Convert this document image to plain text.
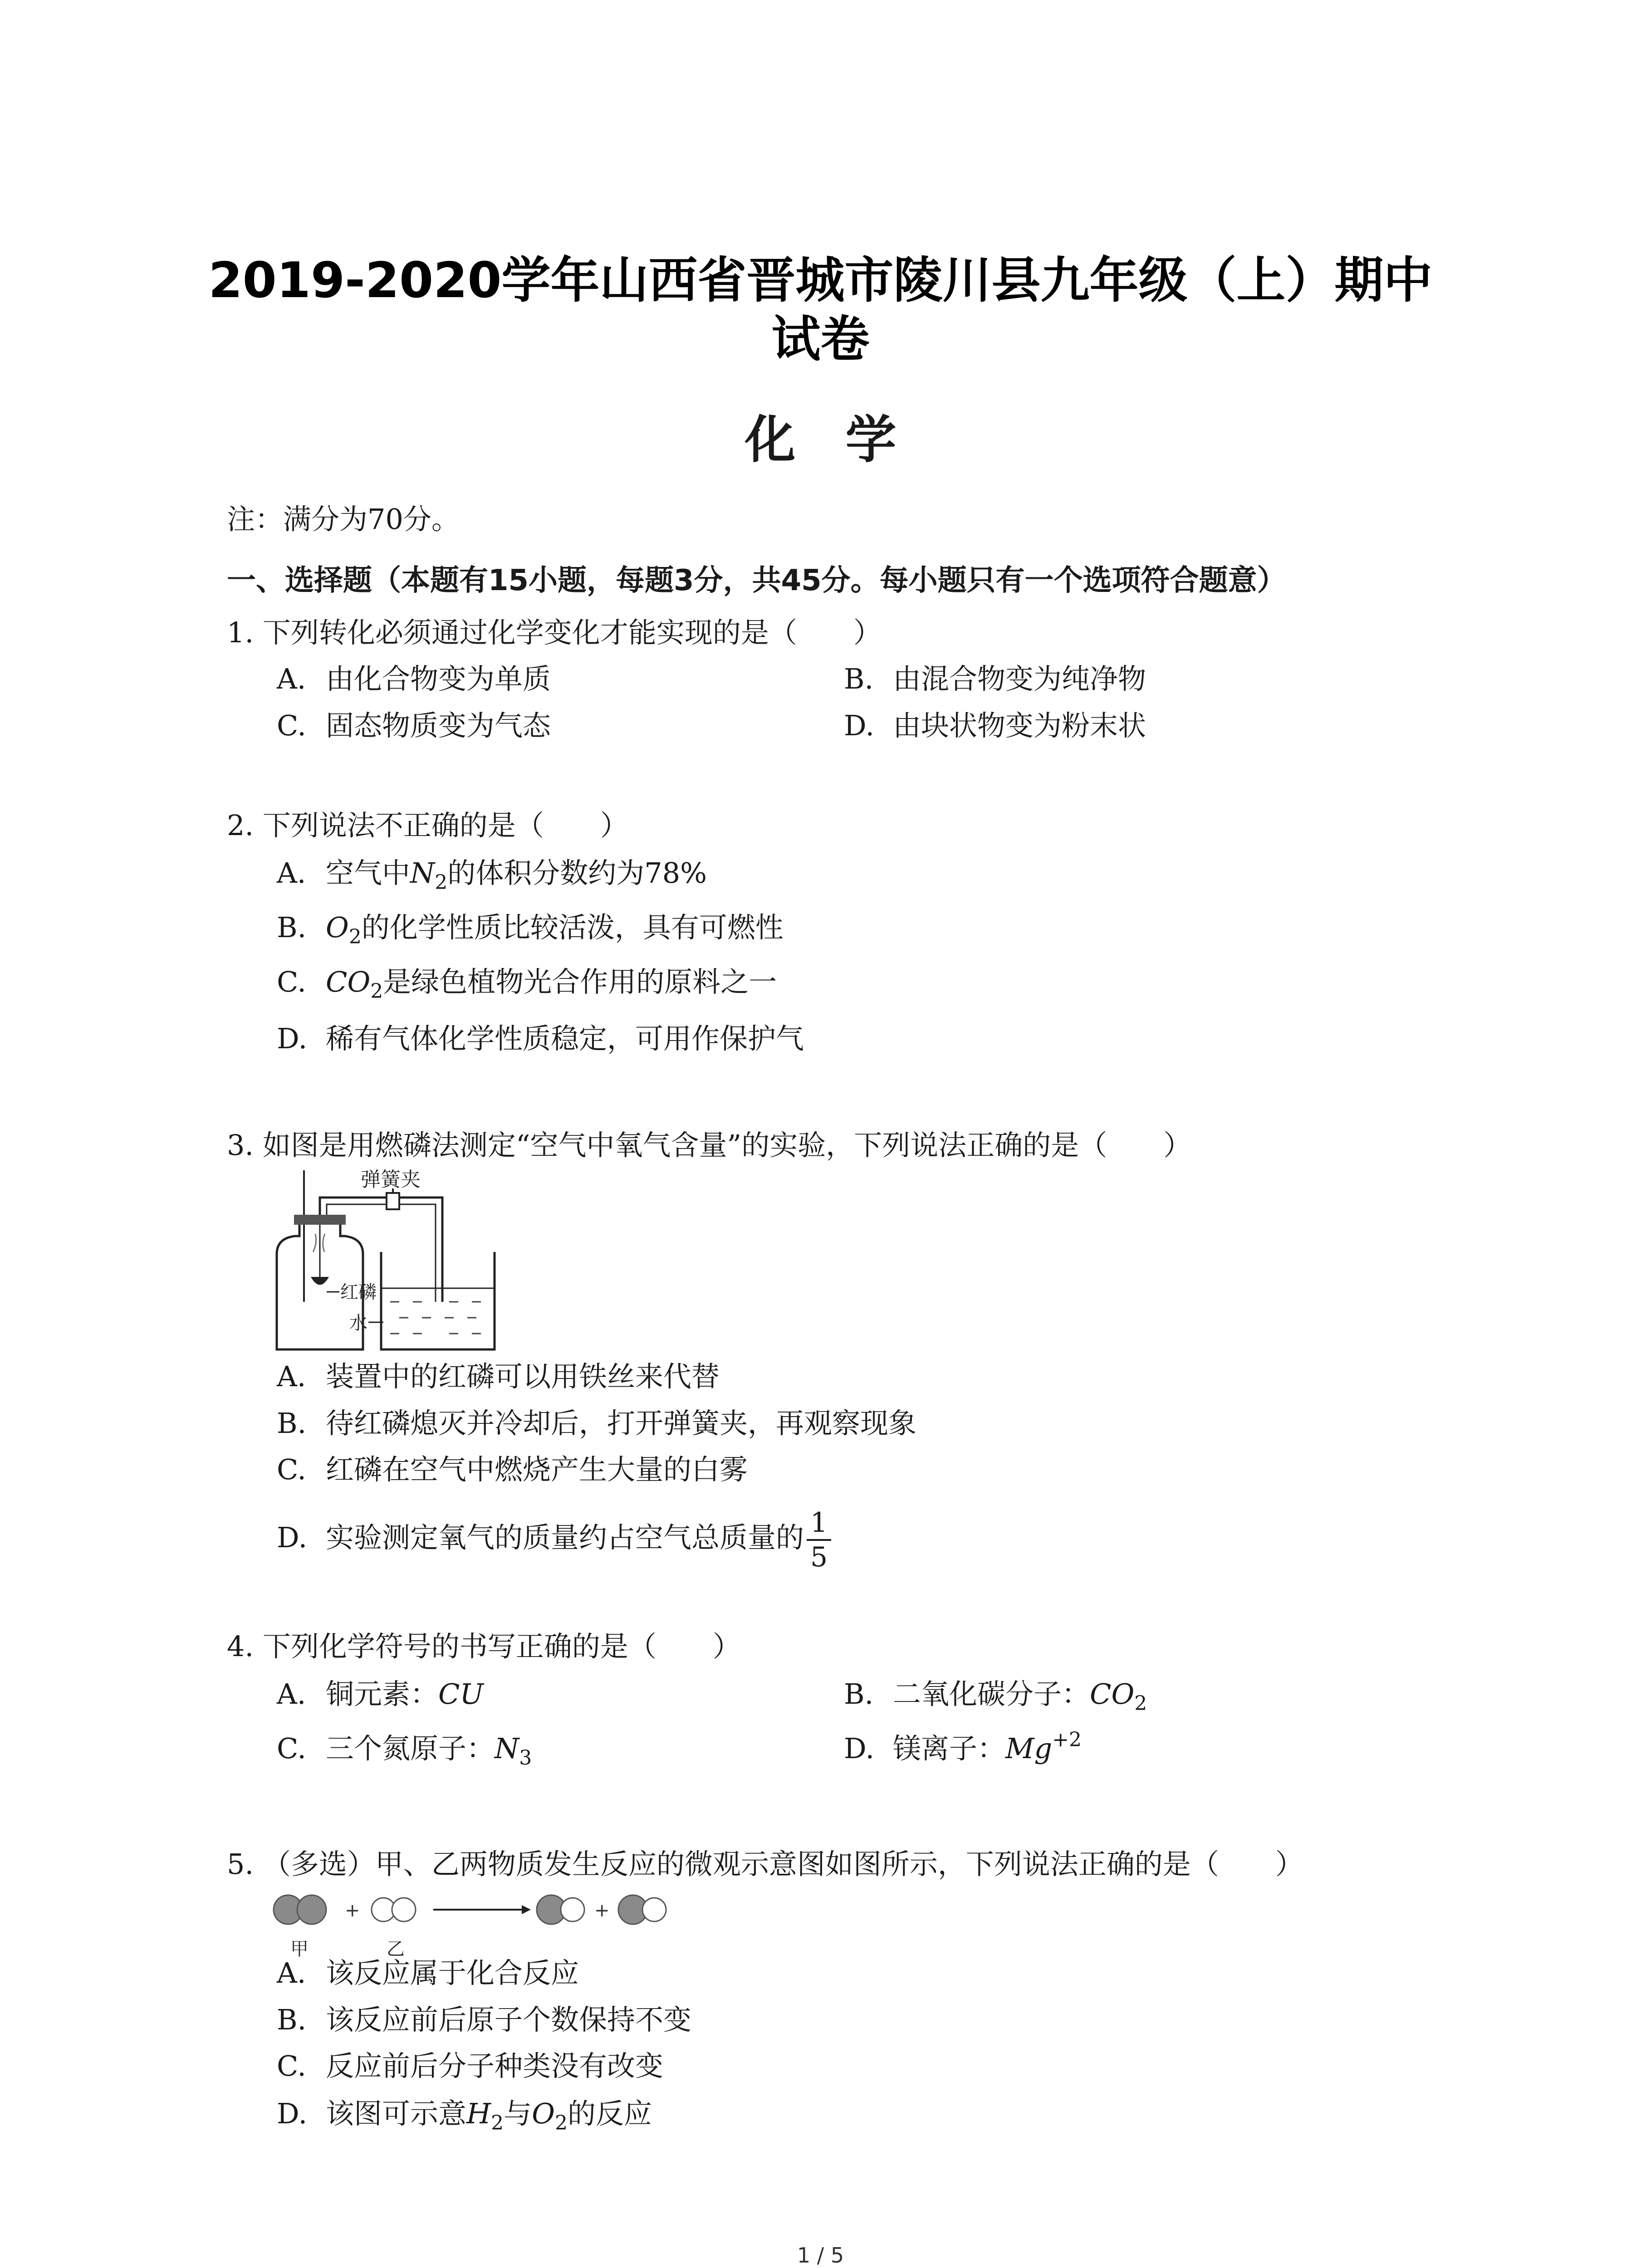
2019-2020学年山西省晋城市陵川县九年级（上）期中
试卷
化学
注：满分为70分。
一、选择题（本题有15小题，每题3分，共45分。每小题只有一个选项符合题意）
1. 下列转化必须通过化学变化才能实现的是（　　）
A. 由化合物变为单质	B. 由混合物变为纯净物
C. 固态物质变为气态	D. 由块状物变为粉末状
2. 下列说法不正确的是（　　）
A. 空气中$N_2$的体积分数约为78%
B. $O_2$的化学性质比较活泼，具有可燃性
C. $CO_2$是绿色植物光合作用的原料之一
D. 稀有气体化学性质稳定，可用作保护气
3. 如图是用燃磷法测定“空气中氧气含量”的实验，下列说法正确的是（　　）
弹簧夹
红磷
水
A. 装置中的红磷可以用铁丝来代替
B. 待红磷熄灭并冷却后，打开弹簧夹，再观察现象
C. 红磷在空气中燃烧产生大量的白雾
D. 实验测定氧气的质量约占空气总质量的 $\frac{1}{5}$
4. 下列化学符号的书写正确的是（　　）
A. 铜元素：CU	B. 二氧化碳分子：$CO_2$
C. 三个氮原子：$N_3$	D. 镁离子：$Mg^{+2}$
5. （多选）甲、乙两物质发生反应的微观示意图如图所示，下列说法正确的是（　　）
+	+
甲	乙
A. 该反应属于化合反应
B. 该反应前后原子个数保持不变
C. 反应前后分子种类没有改变
D. 该图可示意$H_2$与$O_2$的反应
1 / 5
